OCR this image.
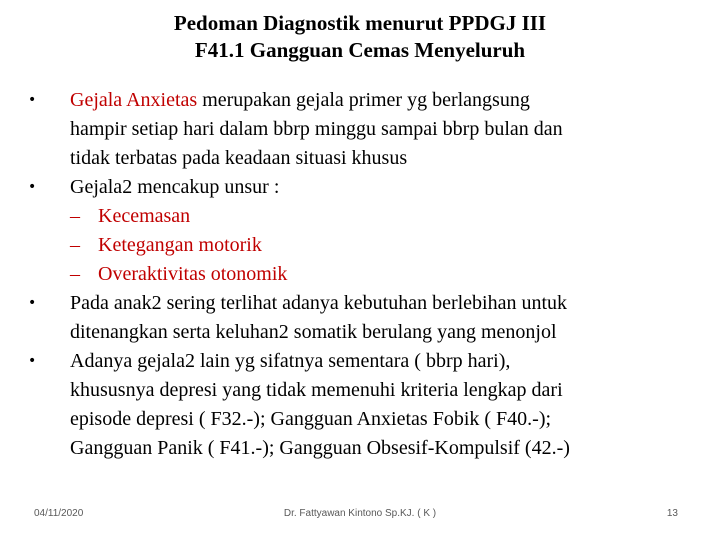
Pedoman Diagnostik menurut PPDGJ III
F41.1 Gangguan Cemas Menyeluruh
•
Gejala Anxietas merupakan gejala primer yg berlangsung
hampir setiap hari dalam bbrp minggu sampai bbrp bulan dan
tidak terbatas pada keadaan situasi khusus
•
Gejala2 mencakup unsur :
–
Kecemasan
–
Ketegangan motorik
–
Overaktivitas otonomik
•
Pada anak2 sering terlihat adanya kebutuhan berlebihan untuk
ditenangkan serta keluhan2 somatik berulang yang menonjol
•
Adanya gejala2 lain yg sifatnya sementara ( bbrp hari),
khususnya depresi yang tidak memenuhi kriteria lengkap dari
episode depresi ( F32.-); Gangguan Anxietas Fobik ( F40.-);
Gangguan Panik ( F41.-); Gangguan Obsesif-Kompulsif (42.-)
04/11/2020	Dr. Fattyawan Kintono Sp.KJ. ( K )	13
